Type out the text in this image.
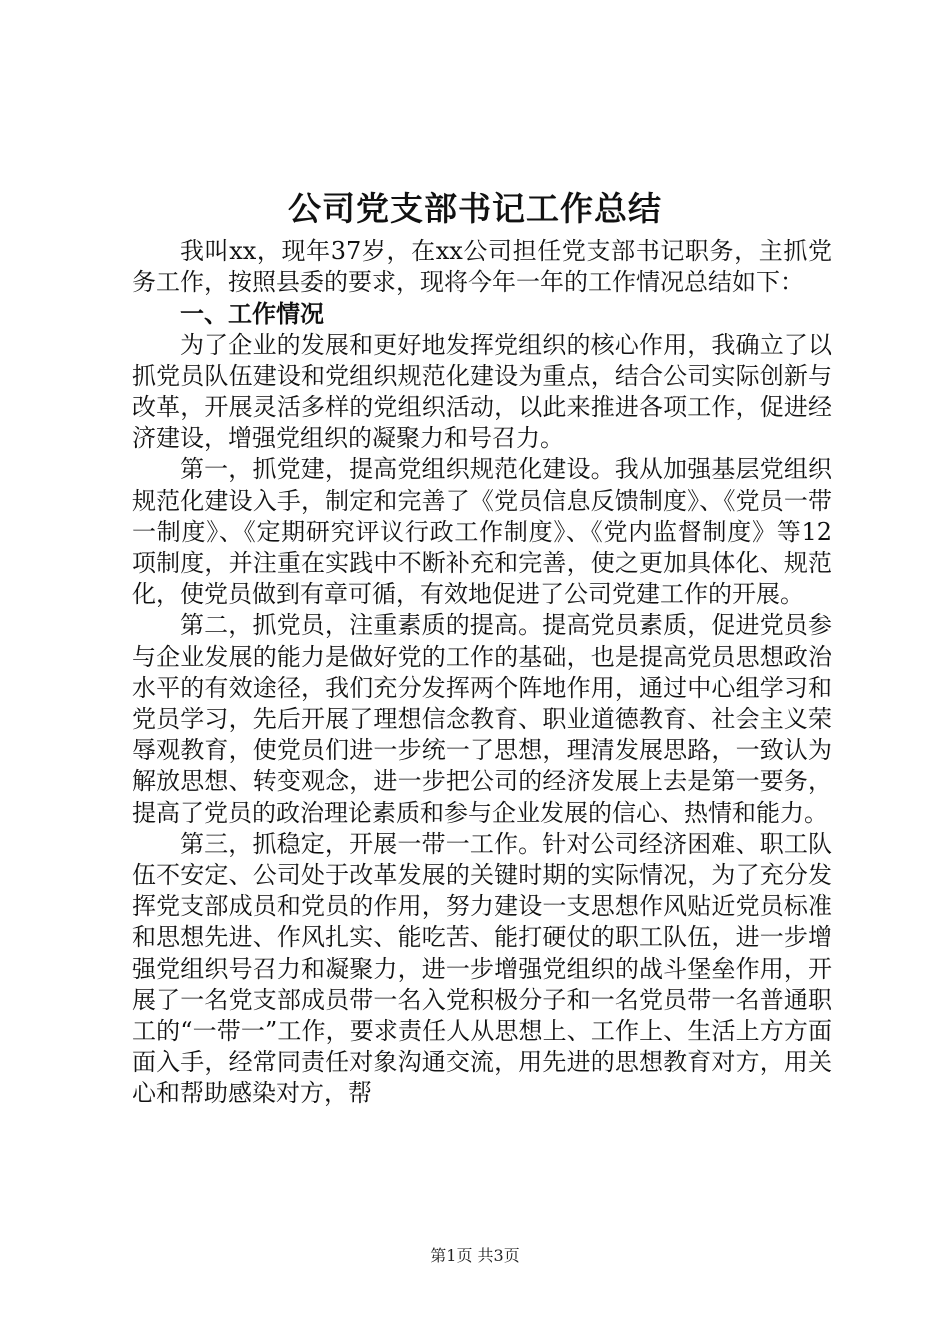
公司党支部书记工作总结

我叫xx，现年37岁，在xx公司担任党支部书记职务，主抓党务工作，按照县委的要求，现将今年一年的工作情况总结如下：

一、工作情况

为了企业的发展和更好地发挥党组织的核心作用，我确立了以抓党员队伍建设和党组织规范化建设为重点，结合公司实际创新与改革，开展灵活多样的党组织活动，以此来推进各项工作，促进经济建设，增强党组织的凝聚力和号召力。

第一，抓党建，提高党组织规范化建设。我从加强基层党组织规范化建设入手，制定和完善了《党员信息反馈制度》、《党员一带一制度》、《定期研究评议行政工作制度》、《党内监督制度》等12项制度，并注重在实践中不断补充和完善，使之更加具体化、规范化，使党员做到有章可循，有效地促进了公司党建工作的开展。

第二，抓党员，注重素质的提高。提高党员素质，促进党员参与企业发展的能力是做好党的工作的基础，也是提高党员思想政治水平的有效途径，我们充分发挥两个阵地作用，通过中心组学习和党员学习，先后开展了理想信念教育、职业道德教育、社会主义荣辱观教育，使党员们进一步统一了思想，理清发展思路，一致认为解放思想、转变观念，进一步把公司的经济发展上去是第一要务，提高了党员的政治理论素质和参与企业发展的信心、热情和能力。

第三，抓稳定，开展一带一工作。针对公司经济困难、职工队伍不安定、公司处于改革发展的关键时期的实际情况，为了充分发挥党支部成员和党员的作用，努力建设一支思想作风贴近党员标准和思想先进、作风扎实、能吃苦、能打硬仗的职工队伍，进一步增强党组织号召力和凝聚力，进一步增强党组织的战斗堡垒作用，开展了一名党支部成员带一名入党积极分子和一名党员带一名普通职工的“一带一”工作，要求责任人从思想上、工作上、生活上方方面面入手，经常同责任对象沟通交流，用先进的思想教育对方，用关心和帮助感染对方，帮

第1页 共3页
